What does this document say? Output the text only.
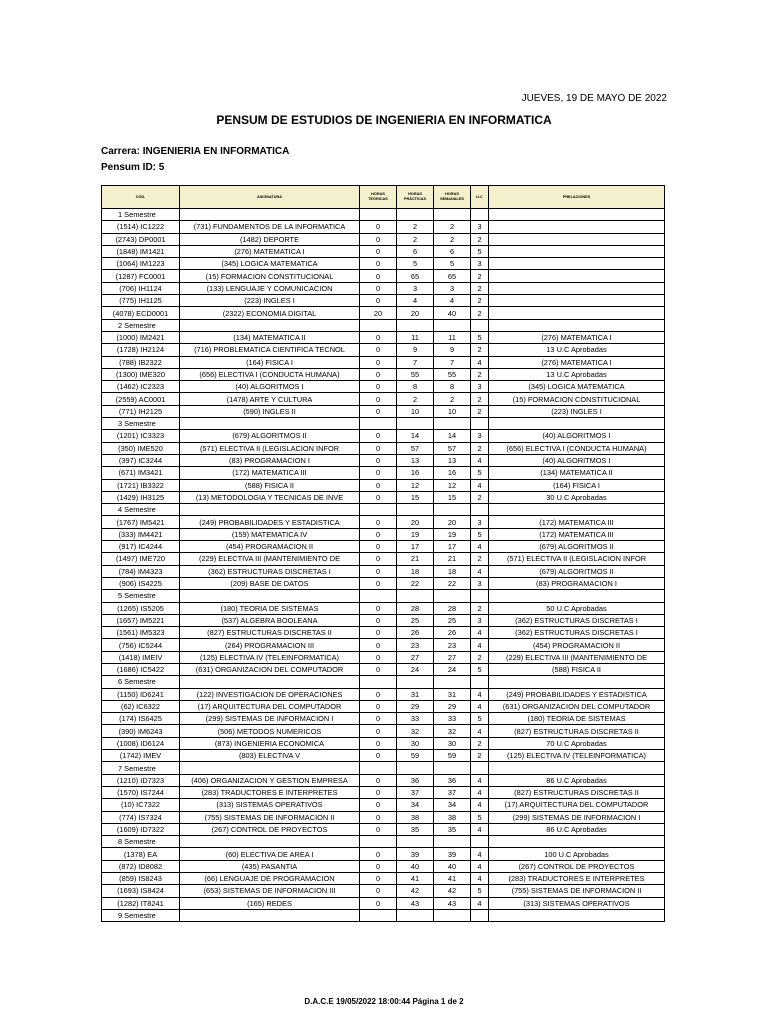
JUEVES, 19 DE MAYO DE 2022
PENSUM DE ESTUDIOS DE INGENIERIA EN INFORMATICA
Carrera: INGENIERIA EN INFORMATICA
Pensum ID: 5
CÓD.	ASIGNATURA	HORAS TEÓRICAS	HORAS PRÁCTICAS	HORAS SEMANALES	U.C	PRELACIONES
1 Semestre						
(1514) IC1222	(731) FUNDAMENTOS DE LA INFORMATICA	0	2	2	3	
(2743) DP0001	(1482) DEPORTE	0	2	2	2	
(1848) IM1421	(276) MATEMATICA I	0	6	6	5	
(1064) IM1223	(345) LOGICA MATEMATICA	0	5	5	3	
(1287) FC0001	(15) FORMACION CONSTITUCIONAL	0	65	65	2	
(706) IH1124	(133) LENGUAJE Y COMUNICACION	0	3	3	2	
(775) IH1125	(223) INGLES I	0	4	4	2	
(4078) ECD0001	(2322) ECONOMIA DIGITAL	20	20	40	2	
2 Semestre						
(1000) IM2421	(134) MATEMATICA II	0	11	11	5	(276) MATEMATICA I
(1728) IH2124	(716) PROBLEMATICA CIENTIFICA TECNOL	0	9	9	2	13 U.C Aprobadas
(788) IB2322	(164) FISICA I	0	7	7	4	(276) MATEMATICA I
(1300) IME320	(656) ELECTIVA I (CONDUCTA HUMANA)	0	55	55	2	13 U.C Aprobadas
(1462) IC2323	(40) ALGORITMOS I	0	8	8	3	(345) LOGICA MATEMATICA
(2559) AC0001	(1478) ARTE Y CULTURA	0	2	2	2	(15) FORMACION CONSTITUCIONAL
(771) IH2125	(590) INGLES II	0	10	10	2	(223) INGLES I
3 Semestre						
(1201) IC3323	(679) ALGORITMOS II	0	14	14	3	(40) ALGORITMOS I
(350) IME520	(571) ELECTIVA II (LEGISLACION INFOR	0	57	57	2	(656) ELECTIVA I (CONDUCTA HUMANA)
(397) IC3244	(83) PROGRAMACION I	0	13	13	4	(40) ALGORITMOS I
(671) IM3421	(172) MATEMATICA III	0	16	16	5	(134) MATEMATICA II
(1721) IB3322	(588) FISICA II	0	12	12	4	(164) FISICA I
(1429) IH3125	(13) METODOLOGIA Y TECNICAS DE INVE	0	15	15	2	30 U.C Aprobadas
4 Semestre						
(1767) IM5421	(249) PROBABILIDADES Y ESTADISTICA	0	20	20	3	(172) MATEMATICA III
(333) IM4421	(159) MATEMATICA IV	0	19	19	5	(172) MATEMATICA III
(917) IC4244	(454) PROGRAMACION II	0	17	17	4	(679) ALGORITMOS II
(1497) IME720	(229) ELECTIVA III (MANTENIMIENTO DE	0	21	21	2	(571) ELECTIVA II (LEGISLACION INFOR
(784) IM4323	(362) ESTRUCTURAS DISCRETAS I	0	18	18	4	(679) ALGORITMOS II
(906) IS4225	(209) BASE DE DATOS	0	22	22	3	(83) PROGRAMACION I
5 Semestre						
(1265) IS5205	(180) TEORIA DE SISTEMAS	0	28	28	2	50 U.C Aprobadas
(1657) IM5221	(537) ALGEBRA BOOLEANA	0	25	25	3	(362) ESTRUCTURAS DISCRETAS I
(1561) IM5323	(827) ESTRUCTURAS DISCRETAS II	0	26	26	4	(362) ESTRUCTURAS DISCRETAS I
(756) IC5244	(264) PROGRAMACION III	0	23	23	4	(454) PROGRAMACION II
(1418) IMEIV	(125) ELECTIVA IV (TELEINFORMATICA)	0	27	27	2	(229) ELECTIVA III (MANTENIMIENTO DE
(1686) IC5422	(631) ORGANIZACION DEL COMPUTADOR	0	24	24	5	(588) FISICA II
6 Semestre						
(1150) ID6241	(122) INVESTIGACION DE OPERACIONES	0	31	31	4	(249) PROBABILIDADES Y ESTADISTICA
(62) IC6322	(17) ARQUITECTURA DEL COMPUTADOR	0	29	29	4	(631) ORGANIZACION DEL COMPUTADOR
(174) IS6425	(299) SISTEMAS DE INFORMACION I	0	33	33	5	(180) TEORIA DE SISTEMAS
(390) IM6243	(506) METODOS NUMERICOS	0	32	32	4	(827) ESTRUCTURAS DISCRETAS II
(1008) ID6124	(873) INGENIERIA ECONOMICA	0	30	30	2	70 U.C Aprobadas
(1742) IMEV	(803) ELECTIVA V	0	59	59	2	(125) ELECTIVA IV (TELEINFORMATICA)
7 Semestre						
(1210) ID7323	(406) ORGANIZACION Y GESTION EMPRESA	0	36	36	4	86 U.C Aprobadas
(1570) IS7244	(283) TRADUCTORES E INTERPRETES	0	37	37	4	(827) ESTRUCTURAS DISCRETAS II
(10) IC7322	(313) SISTEMAS OPERATIVOS	0	34	34	4	(17) ARQUITECTURA DEL COMPUTADOR
(774) IS7324	(755) SISTEMAS DE INFORMACION II	0	38	38	5	(299) SISTEMAS DE INFORMACION I
(1609) ID7322	(267) CONTROL DE PROYECTOS	0	35	35	4	86 U.C Aprobadas
8 Semestre						
(1378) EA	(60) ELECTIVA DE AREA I	0	39	39	4	100 U.C Aprobadas
(872) ID8082	(435) PASANTIA	0	40	40	4	(267) CONTROL DE PROYECTOS
(859) IS8243	(66) LENGUAJE DE PROGRAMACION	0	41	41	4	(283) TRADUCTORES E INTERPRETES
(1693) IS8424	(653) SISTEMAS DE INFORMACION III	0	42	42	5	(755) SISTEMAS DE INFORMACION II
(1282) IT8241	(165) REDES	0	43	43	4	(313) SISTEMAS OPERATIVOS
9 Semestre						
D.A.C.E 19/05/2022 18:00:44 Página 1 de 2
